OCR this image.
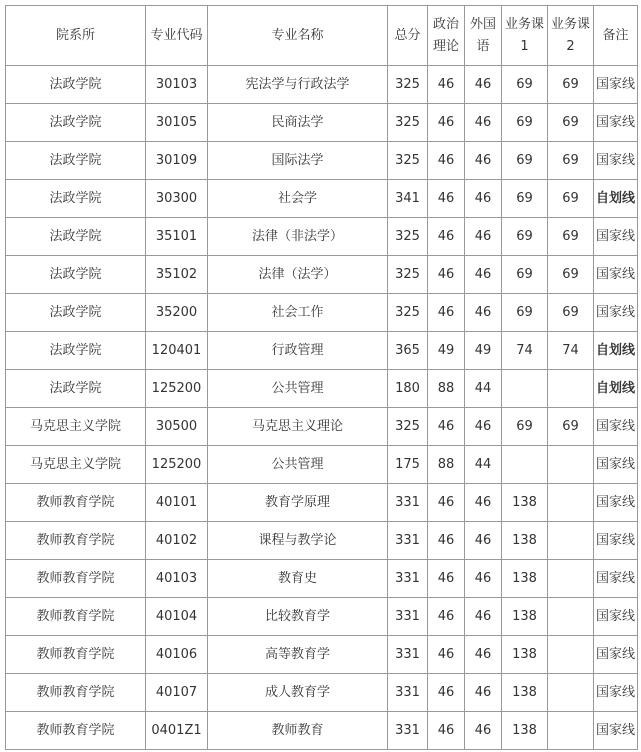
院系所	专业代码	专业名称	总分	政治理论	外国语	业务课1	业务课2	备注
法政学院	30103	宪法学与行政法学	325	46	46	69	69	国家线
法政学院	30105	民商法学	325	46	46	69	69	国家线
法政学院	30109	国际法学	325	46	46	69	69	国家线
法政学院	30300	社会学	341	46	46	69	69	自划线
法政学院	35101	法律（非法学）	325	46	46	69	69	国家线
法政学院	35102	法律（法学）	325	46	46	69	69	国家线
法政学院	35200	社会工作	325	46	46	69	69	国家线
法政学院	120401	行政管理	365	49	49	74	74	自划线
法政学院	125200	公共管理	180	88	44			自划线
马克思主义学院	30500	马克思主义理论	325	46	46	69	69	国家线
马克思主义学院	125200	公共管理	175	88	44			国家线
教师教育学院	40101	教育学原理	331	46	46	138		国家线
教师教育学院	40102	课程与教学论	331	46	46	138		国家线
教师教育学院	40103	教育史	331	46	46	138		国家线
教师教育学院	40104	比较教育学	331	46	46	138		国家线
教师教育学院	40106	高等教育学	331	46	46	138		国家线
教师教育学院	40107	成人教育学	331	46	46	138		国家线
教师教育学院	0401Z1	教师教育	331	46	46	138		国家线
